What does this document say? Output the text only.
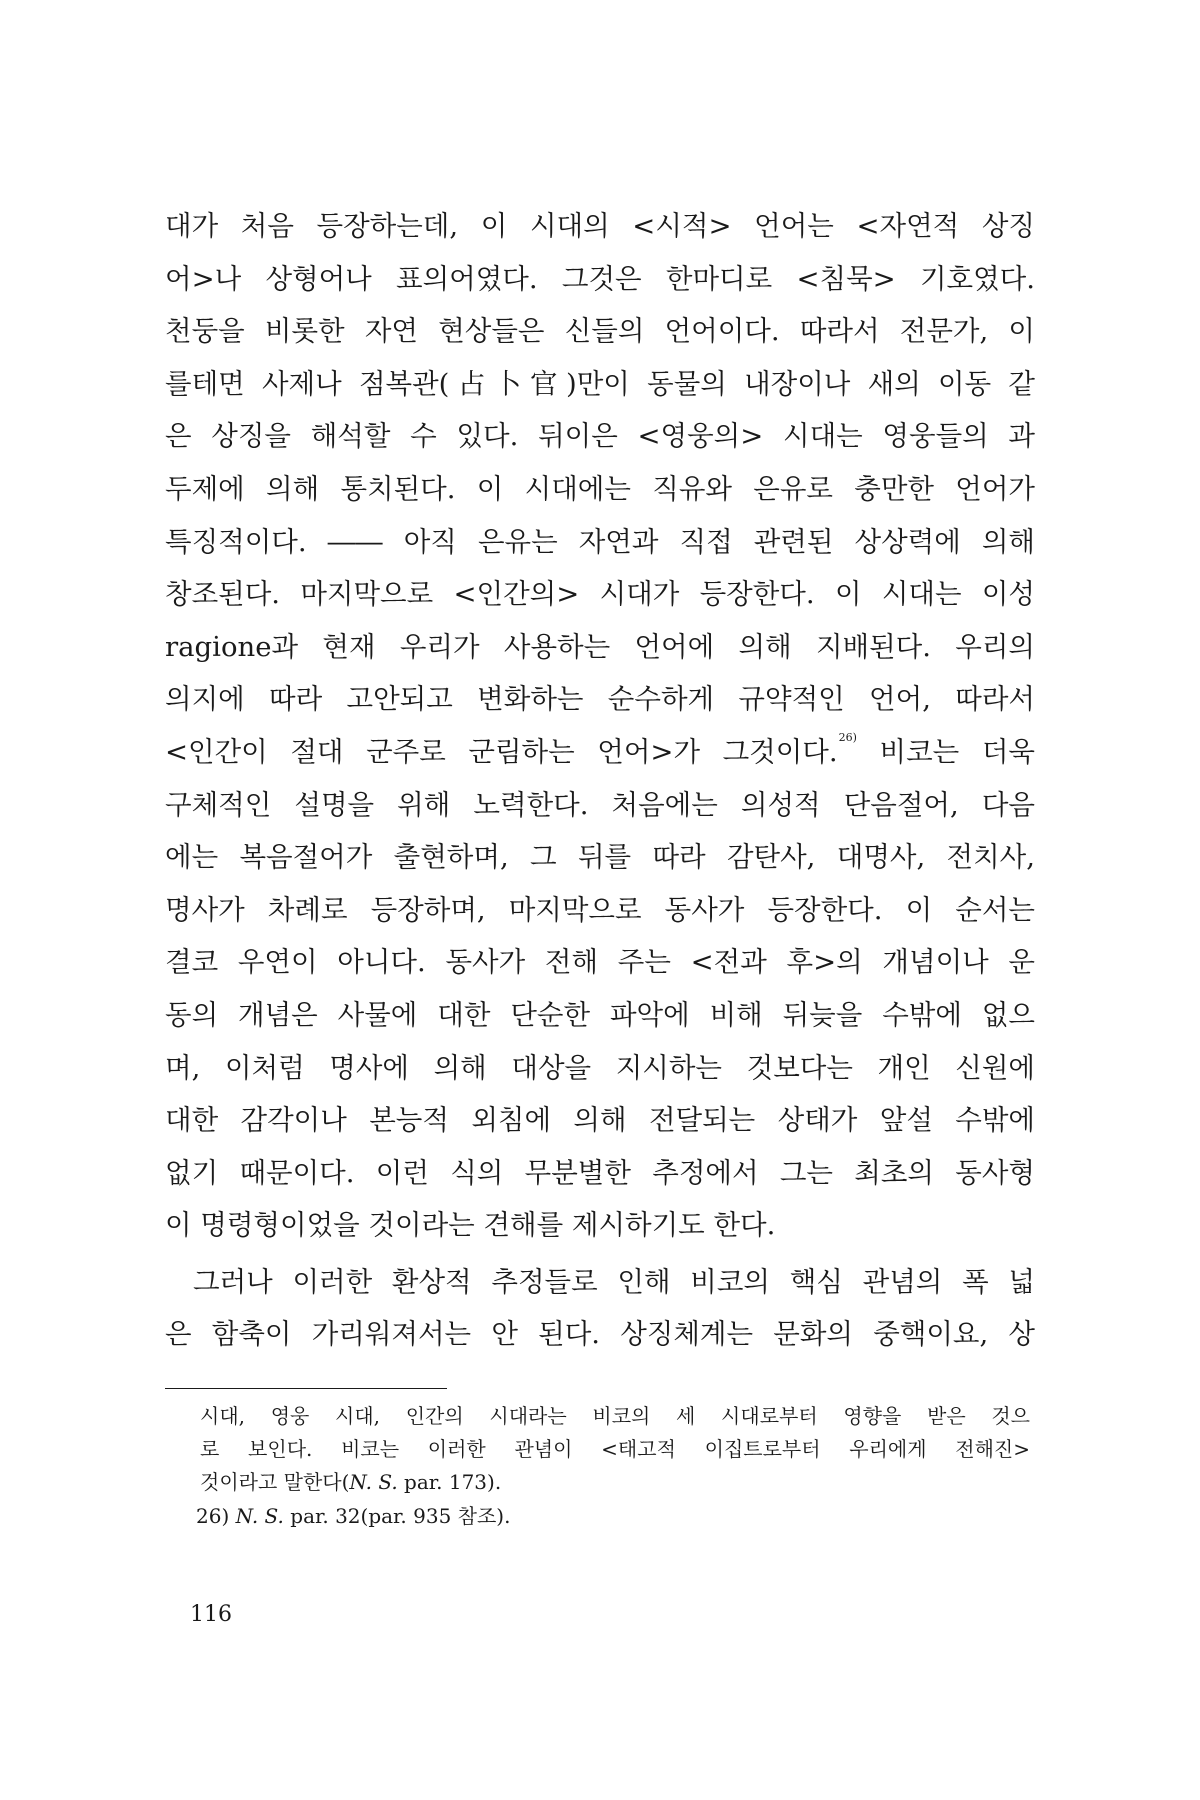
대가 처음 등장하는데, 이 시대의 <시적> 언어는 <자연적 상징
어>나 상형어나 표의어였다. 그것은 한마디로 <침묵> 기호였다.
천둥을 비롯한 자연 현상들은 신들의 언어이다. 따라서 전문가, 이
를테면 사제나 점복관(占卜官)만이 동물의 내장이나 새의 이동 같
은 상징을 해석할 수 있다. 뒤이은 <영웅의> 시대는 영웅들의 과
두제에 의해 통치된다. 이 시대에는 직유와 은유로 충만한 언어가
특징적이다. ―― 아직 은유는 자연과 직접 관련된 상상력에 의해
창조된다. 마지막으로 <인간의> 시대가 등장한다. 이 시대는 이성
ragione과 현재 우리가 사용하는 언어에 의해 지배된다. 우리의
의지에 따라 고안되고 변화하는 순수하게 규약적인 언어, 따라서
<인간이 절대 군주로 군림하는 언어>가 그것이다.$^{26)}$ 비코는 더욱
구체적인 설명을 위해 노력한다. 처음에는 의성적 단음절어, 다음
에는 복음절어가 출현하며, 그 뒤를 따라 감탄사, 대명사, 전치사,
명사가 차례로 등장하며, 마지막으로 동사가 등장한다. 이 순서는
결코 우연이 아니다. 동사가 전해 주는 <전과 후>의 개념이나 운
동의 개념은 사물에 대한 단순한 파악에 비해 뒤늦을 수밖에 없으
며, 이처럼 명사에 의해 대상을 지시하는 것보다는 개인 신원에
대한 감각이나 본능적 외침에 의해 전달되는 상태가 앞설 수밖에
없기 때문이다. 이런 식의 무분별한 추정에서 그는 최초의 동사형
이 명령형이었을 것이라는 견해를 제시하기도 한다.
그러나 이러한 환상적 추정들로 인해 비코의 핵심 관념의 폭 넓
은 함축이 가리워져서는 안 된다. 상징체계는 문화의 중핵이요, 상
시대, 영웅 시대, 인간의 시대라는 비코의 세 시대로부터 영향을 받은 것으
로 보인다. 비코는 이러한 관념이 <태고적 이집트로부터 우리에게 전해진>
것이라고 말한다(N. S. par. 173).
26) N. S. par. 32(par. 935 참조).
116
